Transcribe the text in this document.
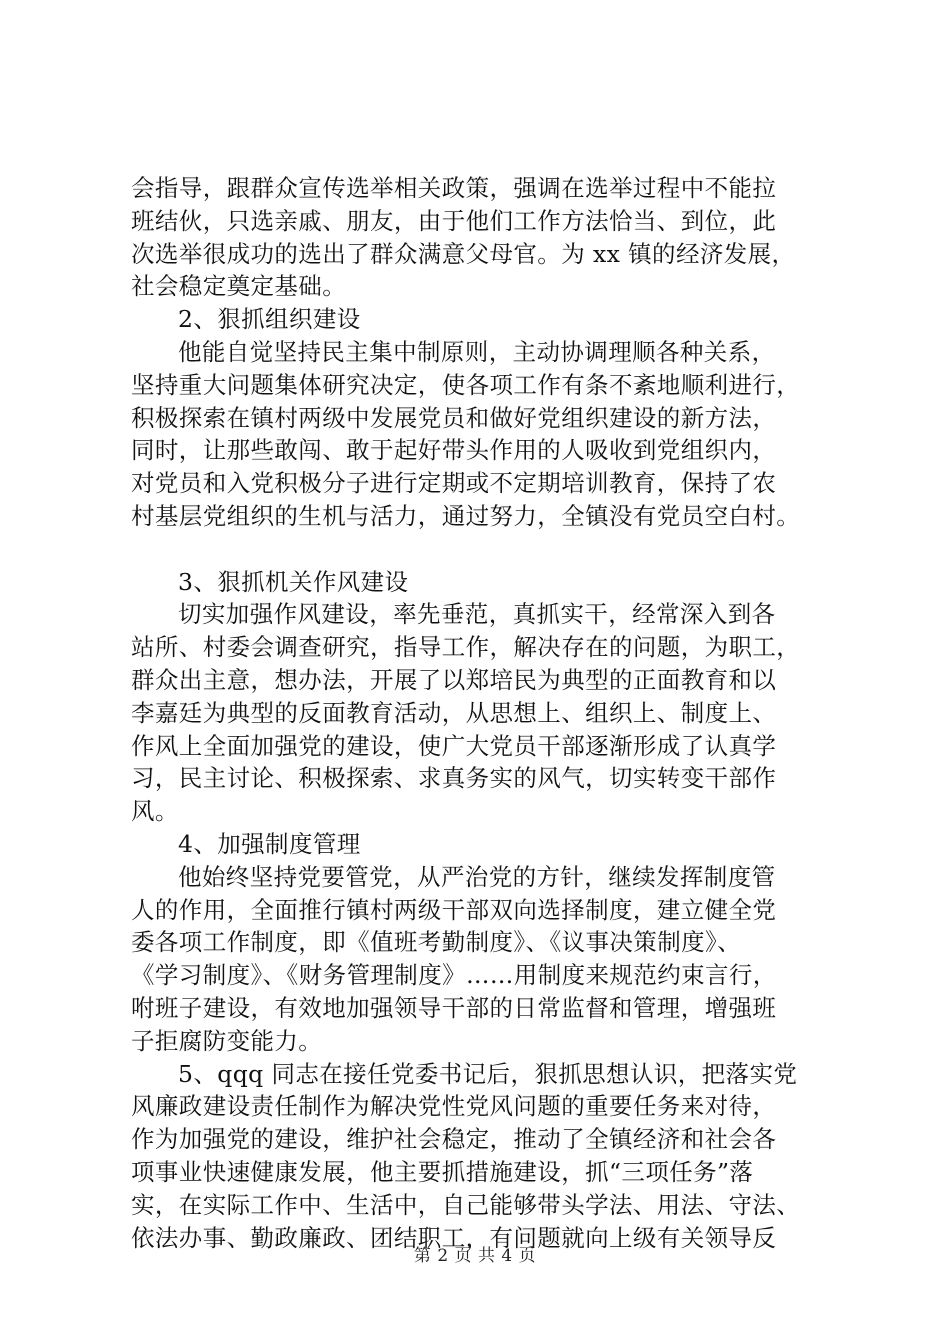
会指导，跟群众宣传选举相关政策，强调在选举过程中不能拉
班结伙，只选亲戚、朋友，由于他们工作方法恰当、到位，此
次选举很成功的选出了群众满意父母官。为 xx 镇的经济发展，
社会稳定奠定基础。
2、狠抓组织建设
他能自觉坚持民主集中制原则，主动协调理顺各种关系，
坚持重大问题集体研究决定，使各项工作有条不紊地顺利进行，
积极探索在镇村两级中发展党员和做好党组织建设的新方法，
同时，让那些敢闯、敢于起好带头作用的人吸收到党组织内，
对党员和入党积极分子进行定期或不定期培训教育，保持了农
村基层党组织的生机与活力，通过努力，全镇没有党员空白村。
3、狠抓机关作风建设
切实加强作风建设，率先垂范，真抓实干，经常深入到各
站所、村委会调查研究，指导工作，解决存在的问题，为职工，
群众出主意，想办法，开展了以郑培民为典型的正面教育和以
李嘉廷为典型的反面教育活动，从思想上、组织上、制度上、
作风上全面加强党的建设，使广大党员干部逐渐形成了认真学
习，民主讨论、积极探索、求真务实的风气，切实转变干部作
风。
4、加强制度管理
他始终坚持党要管党，从严治党的方针，继续发挥制度管
人的作用，全面推行镇村两级干部双向选择制度，建立健全党
委各项工作制度，即《值班考勤制度》、《议事决策制度》、
《学习制度》、《财务管理制度》……用制度来规范约束言行，
咐班子建设，有效地加强领导干部的日常监督和管理，增强班
子拒腐防变能力。
5、qqq 同志在接任党委书记后，狠抓思想认识，把落实党
风廉政建设责任制作为解决党性党风问题的重要任务来对待，
作为加强党的建设，维护社会稳定，推动了全镇经济和社会各
项事业快速健康发展，他主要抓措施建设，抓“三项任务”落
实，在实际工作中、生活中，自己能够带头学法、用法、守法、
依法办事、勤政廉政、团结职工，有问题就向上级有关领导反
第 2 页 共 4 页
